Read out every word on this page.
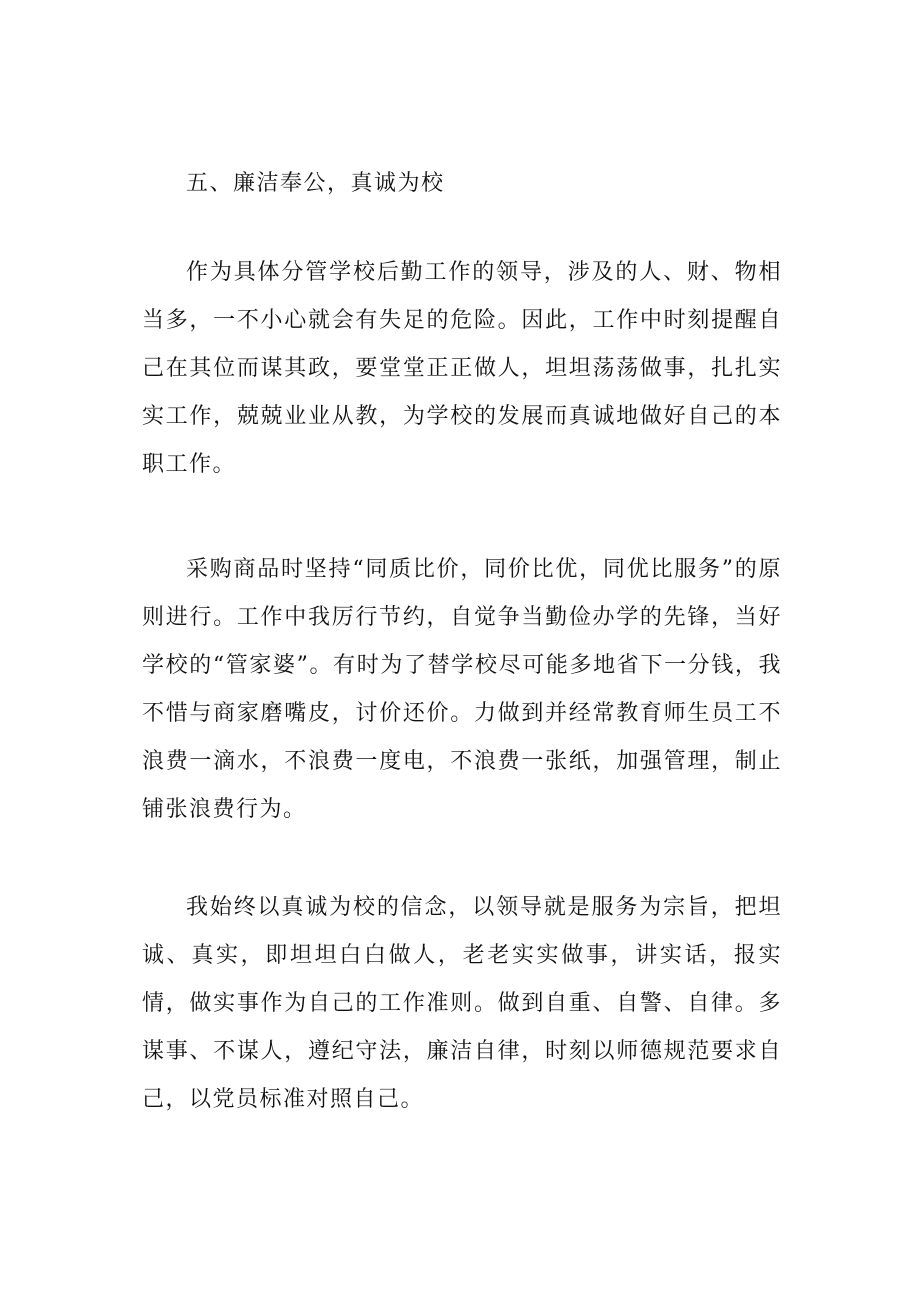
五、廉洁奉公，真诚为校

作为具体分管学校后勤工作的领导，涉及的人、财、物相当多，一不小心就会有失足的危险。因此，工作中时刻提醒自己在其位而谋其政，要堂堂正正做人，坦坦荡荡做事，扎扎实实工作，兢兢业业从教，为学校的发展而真诚地做好自己的本职工作。

采购商品时坚持“同质比价，同价比优，同优比服务”的原则进行。工作中我厉行节约，自觉争当勤俭办学的先锋，当好学校的“管家婆”。有时为了替学校尽可能多地省下一分钱，我不惜与商家磨嘴皮，讨价还价。力做到并经常教育师生员工不浪费一滴水，不浪费一度电，不浪费一张纸，加强管理，制止铺张浪费行为。

我始终以真诚为校的信念，以领导就是服务为宗旨，把坦诚、真实，即坦坦白白做人，老老实实做事，讲实话，报实情，做实事作为自己的工作准则。做到自重、自警、自律。多谋事、不谋人，遵纪守法，廉洁自律，时刻以师德规范要求自己，以党员标准对照自己。
